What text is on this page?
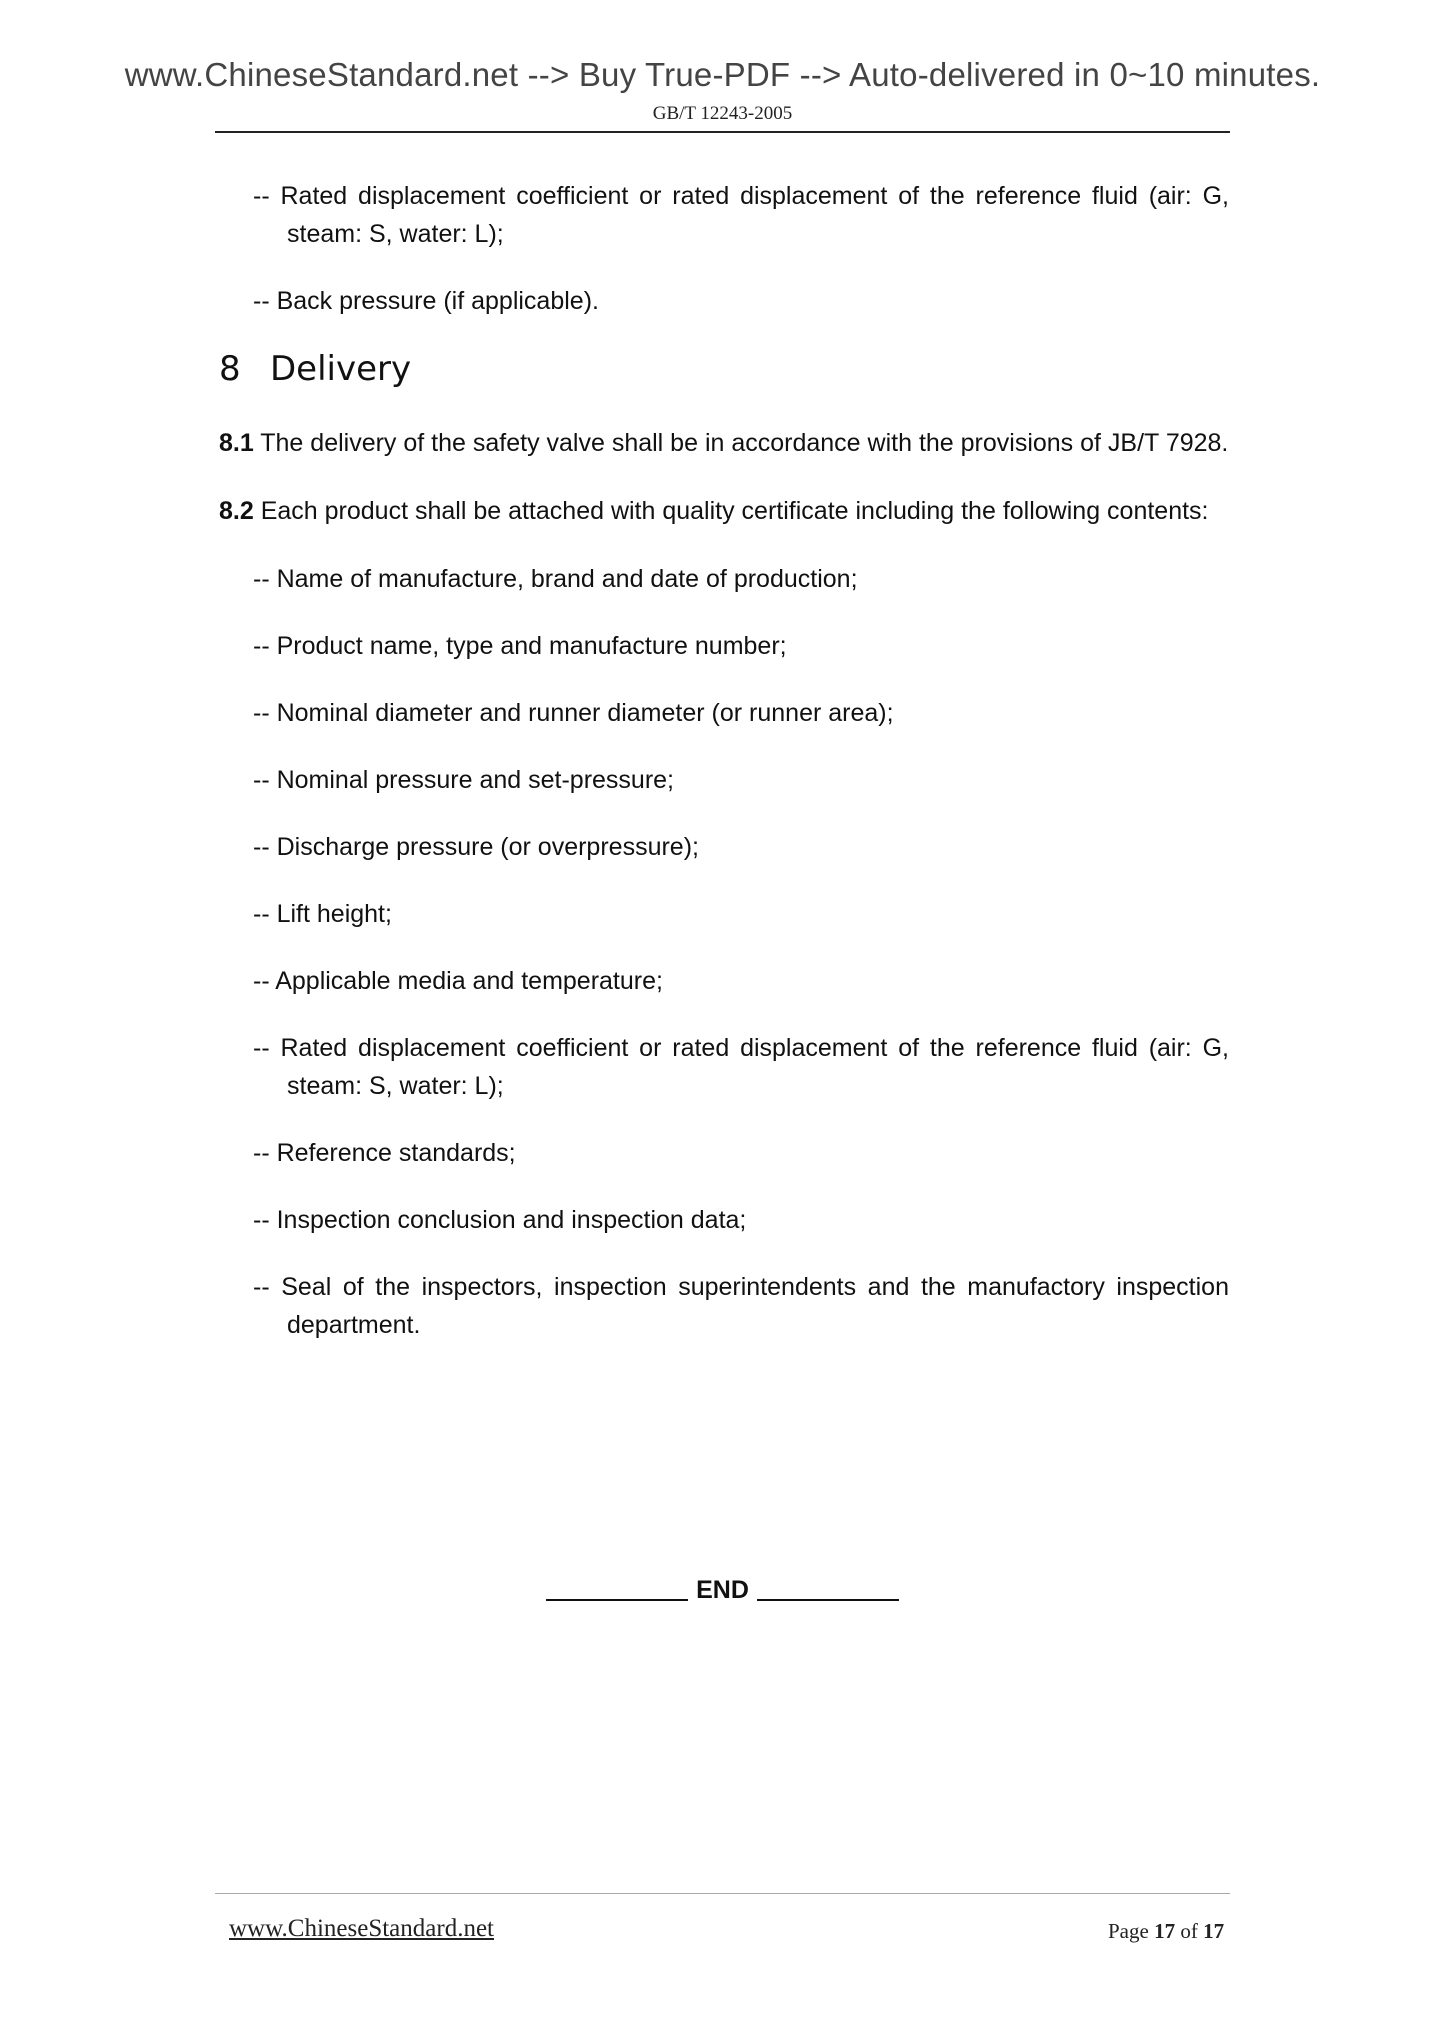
www.ChineseStandard.net --> Buy True-PDF --> Auto-delivered in 0~10 minutes.
GB/T 12243-2005
-- Rated displacement coefficient or rated displacement of the reference fluid (air: G, steam: S, water: L);
-- Back pressure (if applicable).
8 Delivery
8.1 The delivery of the safety valve shall be in accordance with the provisions of JB/T 7928.
8.2 Each product shall be attached with quality certificate including the following contents:
-- Name of manufacture, brand and date of production;
-- Product name, type and manufacture number;
-- Nominal diameter and runner diameter (or runner area);
-- Nominal pressure and set-pressure;
-- Discharge pressure (or overpressure);
-- Lift height;
-- Applicable media and temperature;
-- Rated displacement coefficient or rated displacement of the reference fluid (air: G, steam: S, water: L);
-- Reference standards;
-- Inspection conclusion and inspection data;
-- Seal of the inspectors, inspection superintendents and the manufactory inspection department.
END
www.ChineseStandard.net	Page 17 of 17
